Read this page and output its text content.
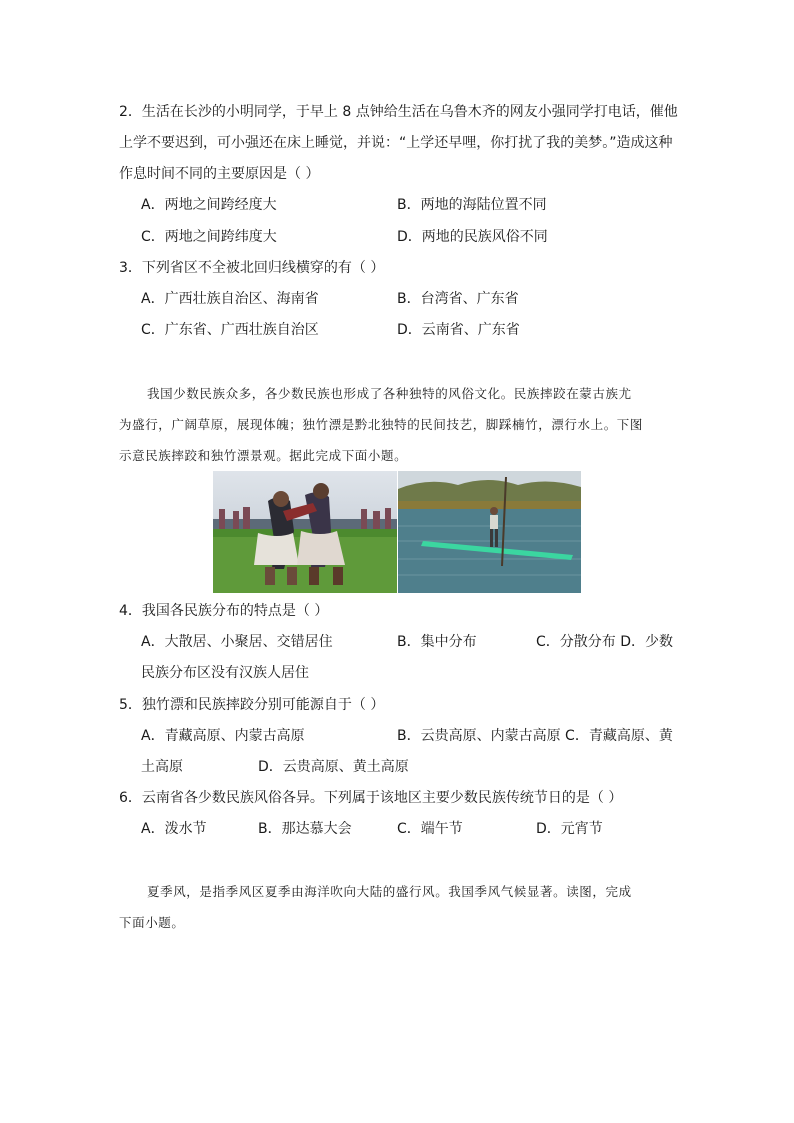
2．生活在长沙的小明同学，于早上 8 点钟给生活在乌鲁木齐的网友小强同学打电话，催他
上学不要迟到，可小强还在床上睡觉，并说：“上学还早哩，你打扰了我的美梦。”造成这种
作息时间不同的主要原因是（ ）
A．两地之间跨经度大	B．两地的海陆位置不同
C．两地之间跨纬度大	D．两地的民族风俗不同
3．下列省区不全被北回归线横穿的有（ ）
A．广西壮族自治区、海南省	B．台湾省、广东省
C．广东省、广西壮族自治区	D．云南省、广东省
我国少数民族众多，各少数民族也形成了各种独特的风俗文化。民族摔跤在蒙古族尤
为盛行，广阔草原，展现体魄；独竹漂是黔北独特的民间技艺，脚踩楠竹，漂行水上。下图
示意民族摔跤和独竹漂景观。据此完成下面小题。
4．我国各民族分布的特点是（ ）
A．大散居、小聚居、交错居住	B．集中分布	C．分散分布 D．少数
民族分布区没有汉族人居住
5．独竹漂和民族摔跤分别可能源自于（ ）
A．青藏高原、内蒙古高原	B．云贵高原、内蒙古高原 C．青藏高原、黄
土高原	D．云贵高原、黄土高原
6．云南省各少数民族风俗各异。下列属于该地区主要少数民族传统节日的是（ ）
A．泼水节	B．那达慕大会	C．端午节	D．元宵节
夏季风，是指季风区夏季由海洋吹向大陆的盛行风。我国季风气候显著。读图，完成
下面小题。
